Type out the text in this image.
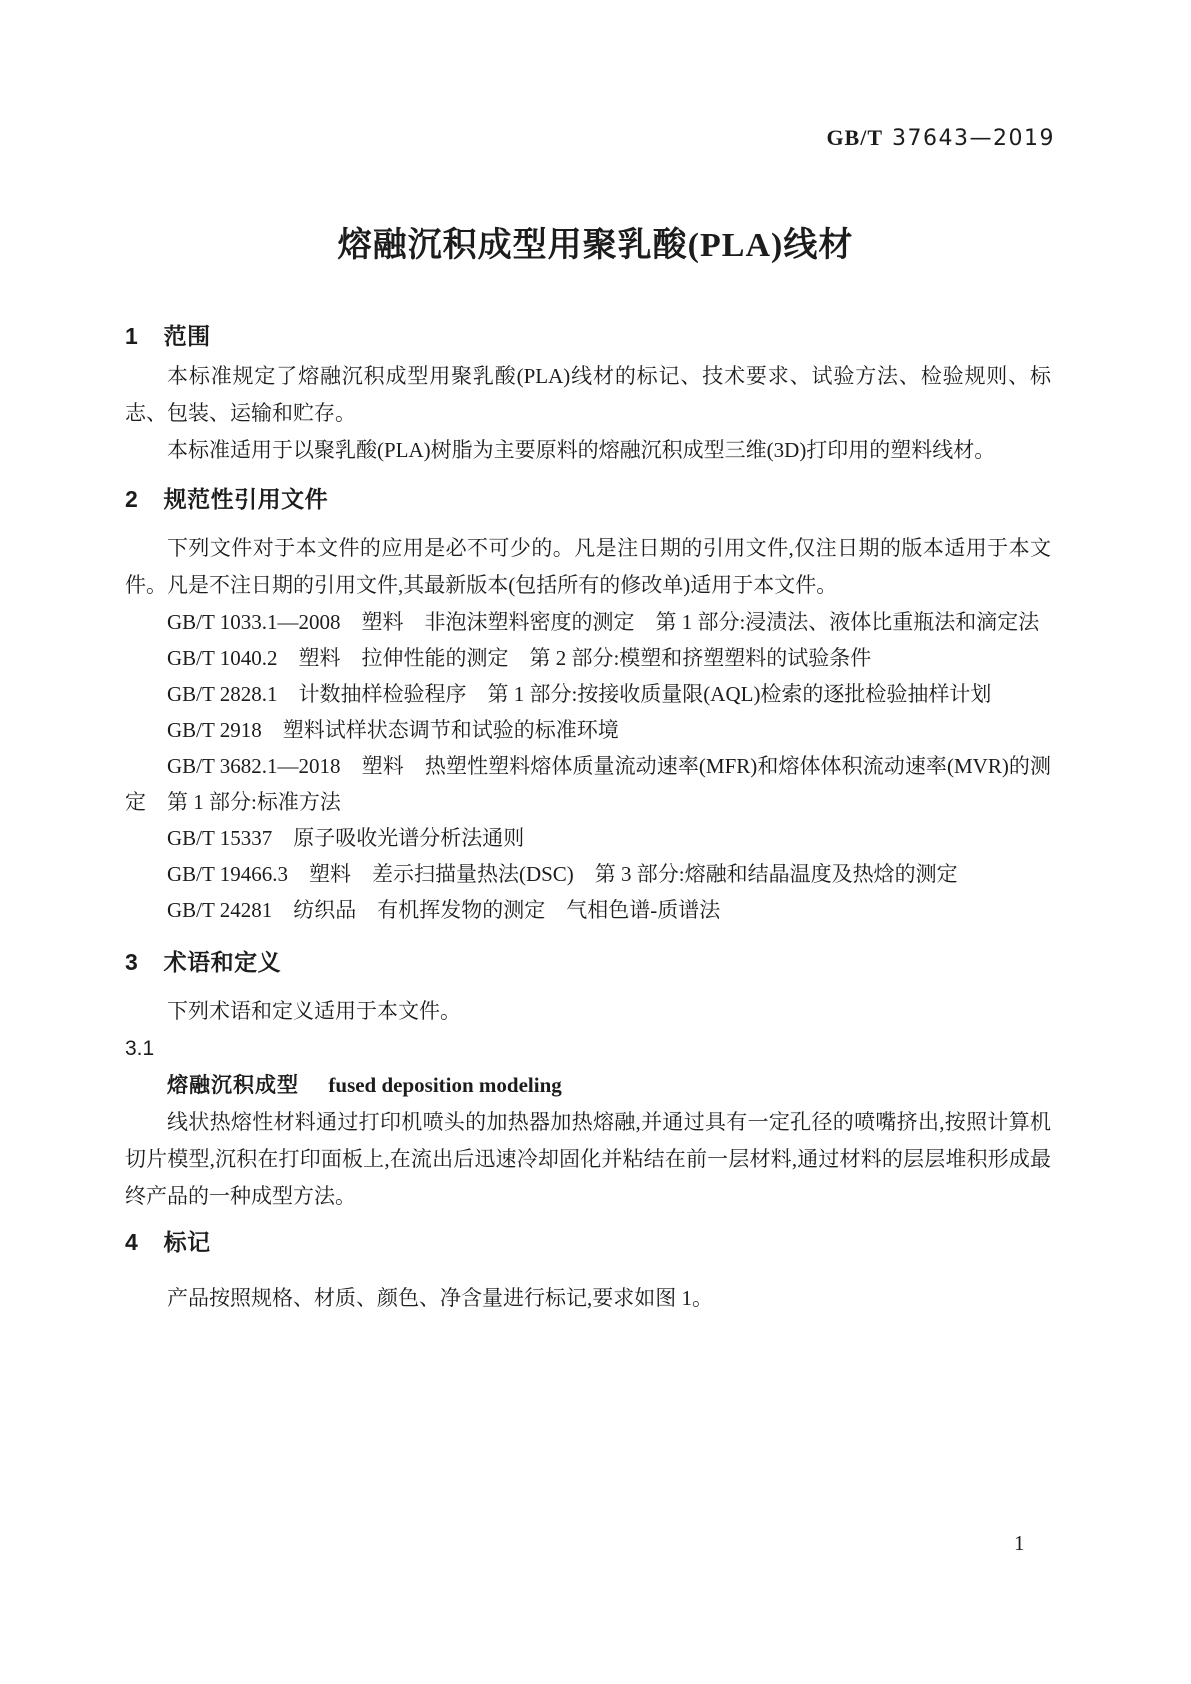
GB/T 37643—2019
熔融沉积成型用聚乳酸(PLA)线材
1 范围

本标准规定了熔融沉积成型用聚乳酸(PLA)线材的标记、技术要求、试验方法、检验规则、标志、包装、运输和贮存。

本标准适用于以聚乳酸(PLA)树脂为主要原料的熔融沉积成型三维(3D)打印用的塑料线材。

2 规范性引用文件

下列文件对于本文件的应用是必不可少的。凡是注日期的引用文件,仅注日期的版本适用于本文件。凡是不注日期的引用文件,其最新版本(包括所有的修改单)适用于本文件。

GB/T 1033.1—2008　塑料　非泡沫塑料密度的测定　第 1 部分:浸渍法、液体比重瓶法和滴定法

GB/T 1040.2　塑料　拉伸性能的测定　第 2 部分:模塑和挤塑塑料的试验条件

GB/T 2828.1　计数抽样检验程序　第 1 部分:按接收质量限(AQL)检索的逐批检验抽样计划

GB/T 2918　塑料试样状态调节和试验的标准环境

GB/T 3682.1—2018　塑料　热塑性塑料熔体质量流动速率(MFR)和熔体体积流动速率(MVR)的测定　第 1 部分:标准方法

GB/T 15337　原子吸收光谱分析法通则

GB/T 19466.3　塑料　差示扫描量热法(DSC)　第 3 部分:熔融和结晶温度及热焓的测定

GB/T 24281　纺织品　有机挥发物的测定　气相色谱-质谱法

3 术语和定义

下列术语和定义适用于本文件。

3.1
熔融沉积成型 fused deposition modeling

线状热熔性材料通过打印机喷头的加热器加热熔融,并通过具有一定孔径的喷嘴挤出,按照计算机切片模型,沉积在打印面板上,在流出后迅速冷却固化并粘结在前一层材料,通过材料的层层堆积形成最终产品的一种成型方法。

4 标记

产品按照规格、材质、颜色、净含量进行标记,要求如图 1。

1
